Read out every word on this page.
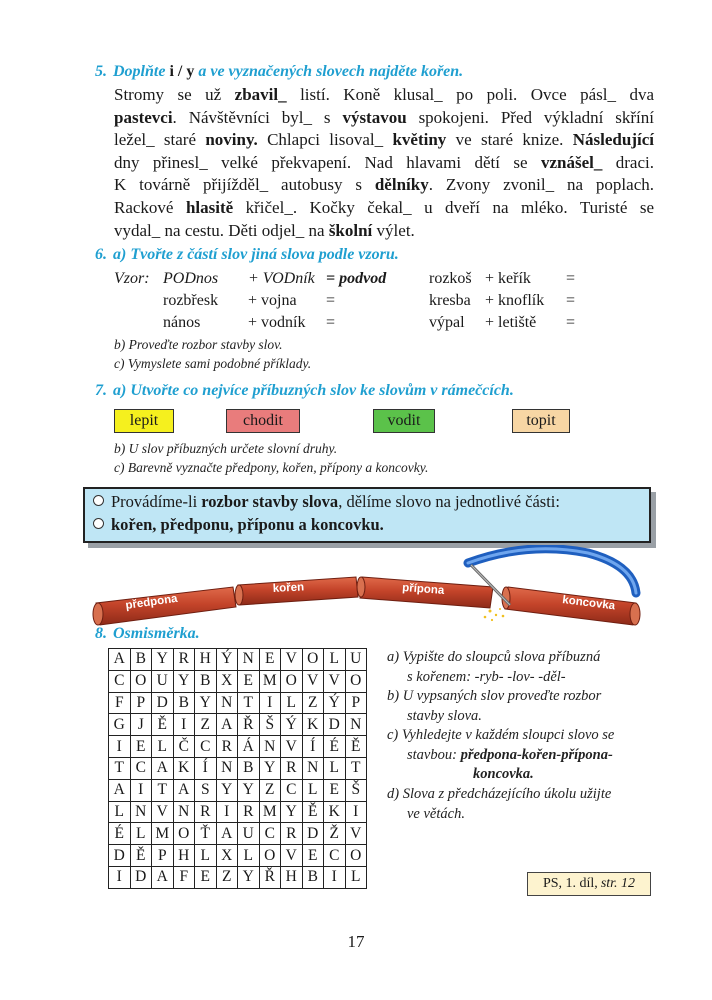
5. Doplňte i / y a ve vyznačených slovech najděte kořen.
Stromy se už zbavil_ listí. Koně klusal_ po poli. Ovce pásl_ dva
pastevci. Návštěvníci byl_ s výstavou spokojeni. Před výkladní skříní
ležel_ staré noviny. Chlapci lisoval_ květiny ve staré knize. Následující
dny přinesl_ velké překvapení. Nad hlavami dětí se vznášel_ draci.
K továrně přijížděl_ autobusy s dělníky. Zvony zvonil_ na poplach.
Rackové hlasitě křičel_. Kočky čekal_ u dveří na mléko. Turisté se
vydal_ na cestu. Děti odjel_ na školní výlet.
6. a) Tvořte z částí slov jiná slova podle vzoru.
Vzor: PODnos + VODník = podvod
rozbřesk + vojna =
nános	+ vodník =
rozkoš + keřík =
kresba + knoflík =
výpal + letiště =
b) Proveďte rozbor stavby slov.
c) Vymyslete sami podobné příklady.
7. a) Utvořte co nejvíce příbuzných slov ke slovům v rámečcích.
lepit	chodit	vodit	topit
b) U slov příbuzných určete slovní druhy.
c) Barevně vyznačte předpony, kořen, přípony a koncovky.
Provádíme-li rozbor stavby slova, dělíme slovo na jednotlivé části:
kořen, předponu, příponu a koncovku.
předpona
kořen	přípona
koncovka
8. Osmisměrka.
A	B	Y	R	H	Ý	N	E	V	O	L	U
C	O	U	Y	B	X	E	M	O	V	V	O
F	P	D	B	Y	N	T	I	L	Z	Ý	P
G	J	Ě	I	Z	A	Ř	Š	Ý	K	D	N
I	E	L	Č	C	R	Á	N	V	Í	É	Ě
T	C	A	K	Í	N	B	Y	R	N	L	T
A	I	T	A	S	Y	Y	Z	C	L	E	Š
L	N	V	N	R	I	R	M	Y	Ě	K	I
É	L	M	O	Ť	A	U	C	R	D	Ž	V
D	Ě	P	H	L	X	L	O	V	E	C	O
I	D	A	F	E	Z	Y	Ř	H	B	I	L
a) Vypište do sloupců slova příbuzná
s kořenem: -ryb- -lov- -děl-
b) U vypsaných slov proveďte rozbor
stavby slova.
c) Vyhledejte v každém sloupci slovo se
stavbou: předpona-kořen-přípona-
koncovka.
d) Slova z předcházejícího úkolu užijte
ve větách.
PS, 1. díl, str. 12
17
